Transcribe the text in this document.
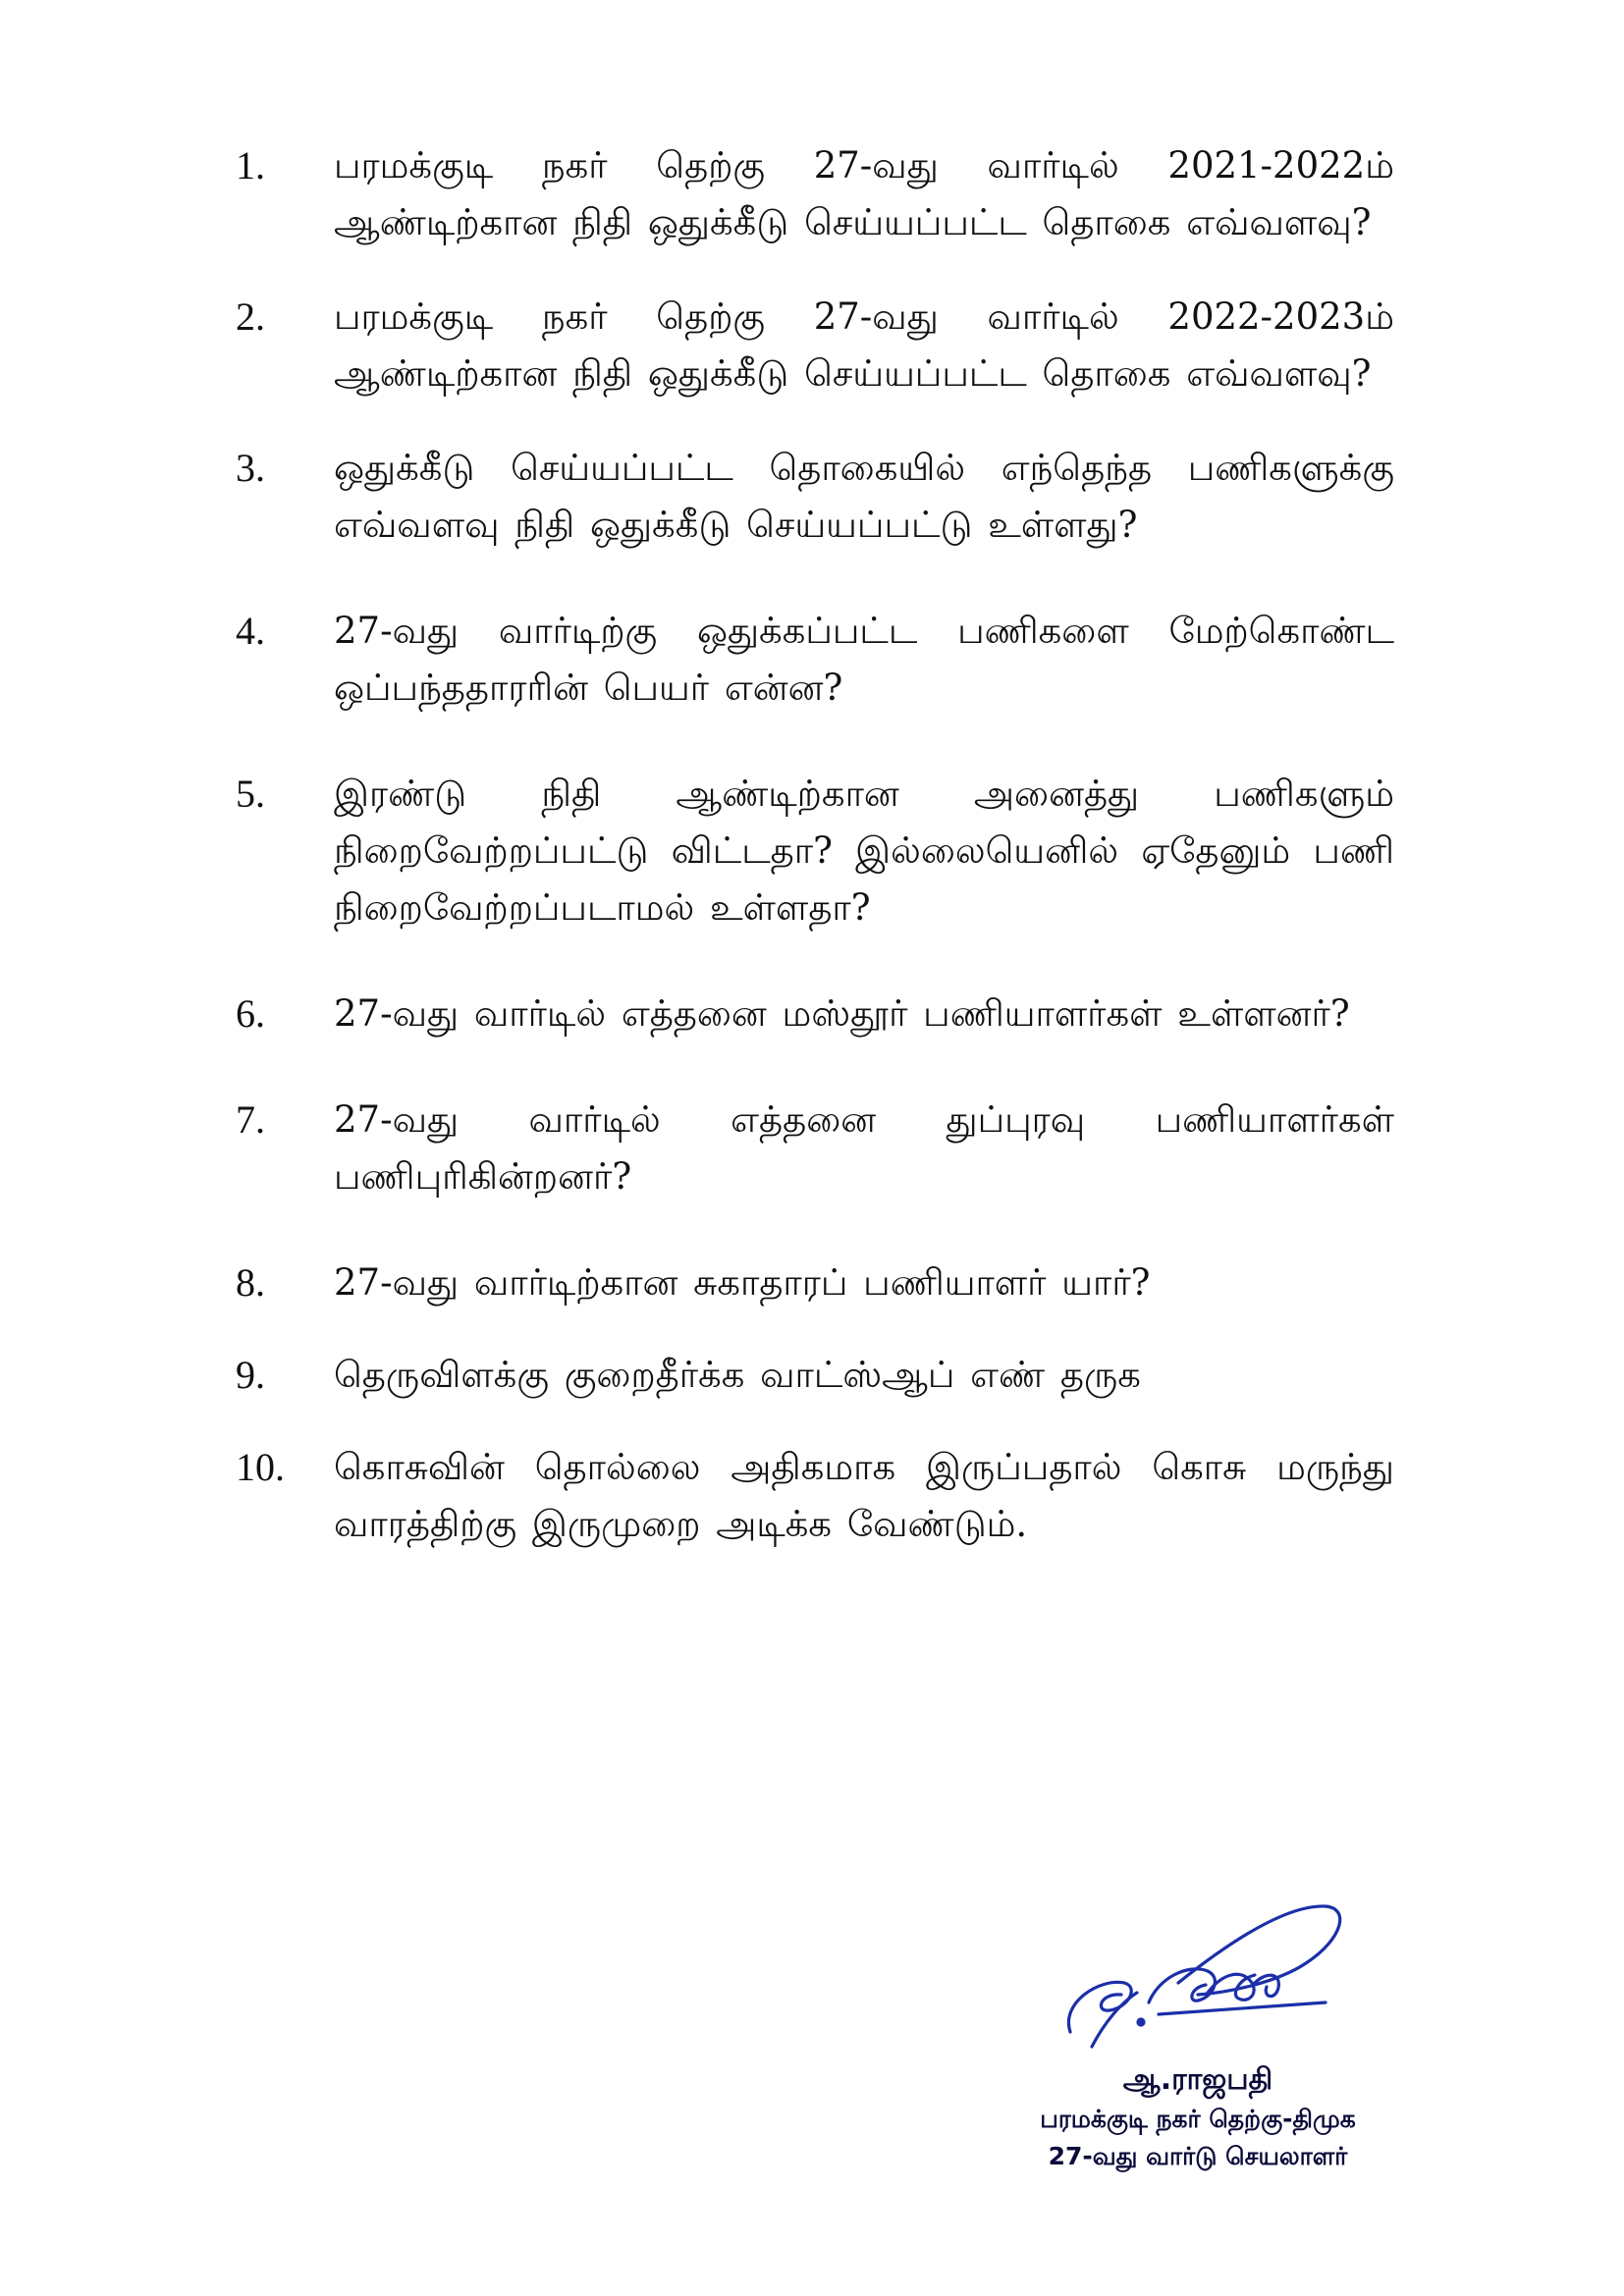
1.	பரமக்குடி நகர் தெற்கு 27-வது வார்டில் 2021-2022ம் ஆண்டிற்கான நிதி ஒதுக்கீடு செய்யப்பட்ட தொகை எவ்வளவு?
2.	பரமக்குடி நகர் தெற்கு 27-வது வார்டில் 2022-2023ம் ஆண்டிற்கான நிதி ஒதுக்கீடு செய்யப்பட்ட தொகை எவ்வளவு?
3.	ஒதுக்கீடு செய்யப்பட்ட தொகையில் எந்தெந்த பணிகளுக்கு எவ்வளவு நிதி ஒதுக்கீடு செய்யப்பட்டு உள்ளது?
4.	27-வது வார்டிற்கு ஒதுக்கப்பட்ட பணிகளை மேற்கொண்ட ஒப்பந்ததாரரின் பெயர் என்ன?
5.	இரண்டு நிதி ஆண்டிற்கான அனைத்து பணிகளும் நிறைவேற்றப்பட்டு விட்டதா? இல்லையெனில் ஏதேனும் பணி நிறைவேற்றப்படாமல் உள்ளதா?
6.	27-வது வார்டில் எத்தனை மஸ்தூர் பணியாளர்கள் உள்ளனர்?
7.	27-வது வார்டில் எத்தனை துப்புரவு பணியாளர்கள் பணிபுரிகின்றனர்?
8.	27-வது வார்டிற்கான சுகாதாரப் பணியாளர் யார்?
9.	தெருவிளக்கு குறைதீர்க்க வாட்ஸ்ஆப் எண் தருக
10.	கொசுவின் தொல்லை அதிகமாக இருப்பதால் கொசு மருந்து வாரத்திற்கு இருமுறை அடிக்க வேண்டும்.
ஆ.ராஜபதி
பரமக்குடி நகர் தெற்கு-திமுக
27-வது வார்டு செயலாளர்
